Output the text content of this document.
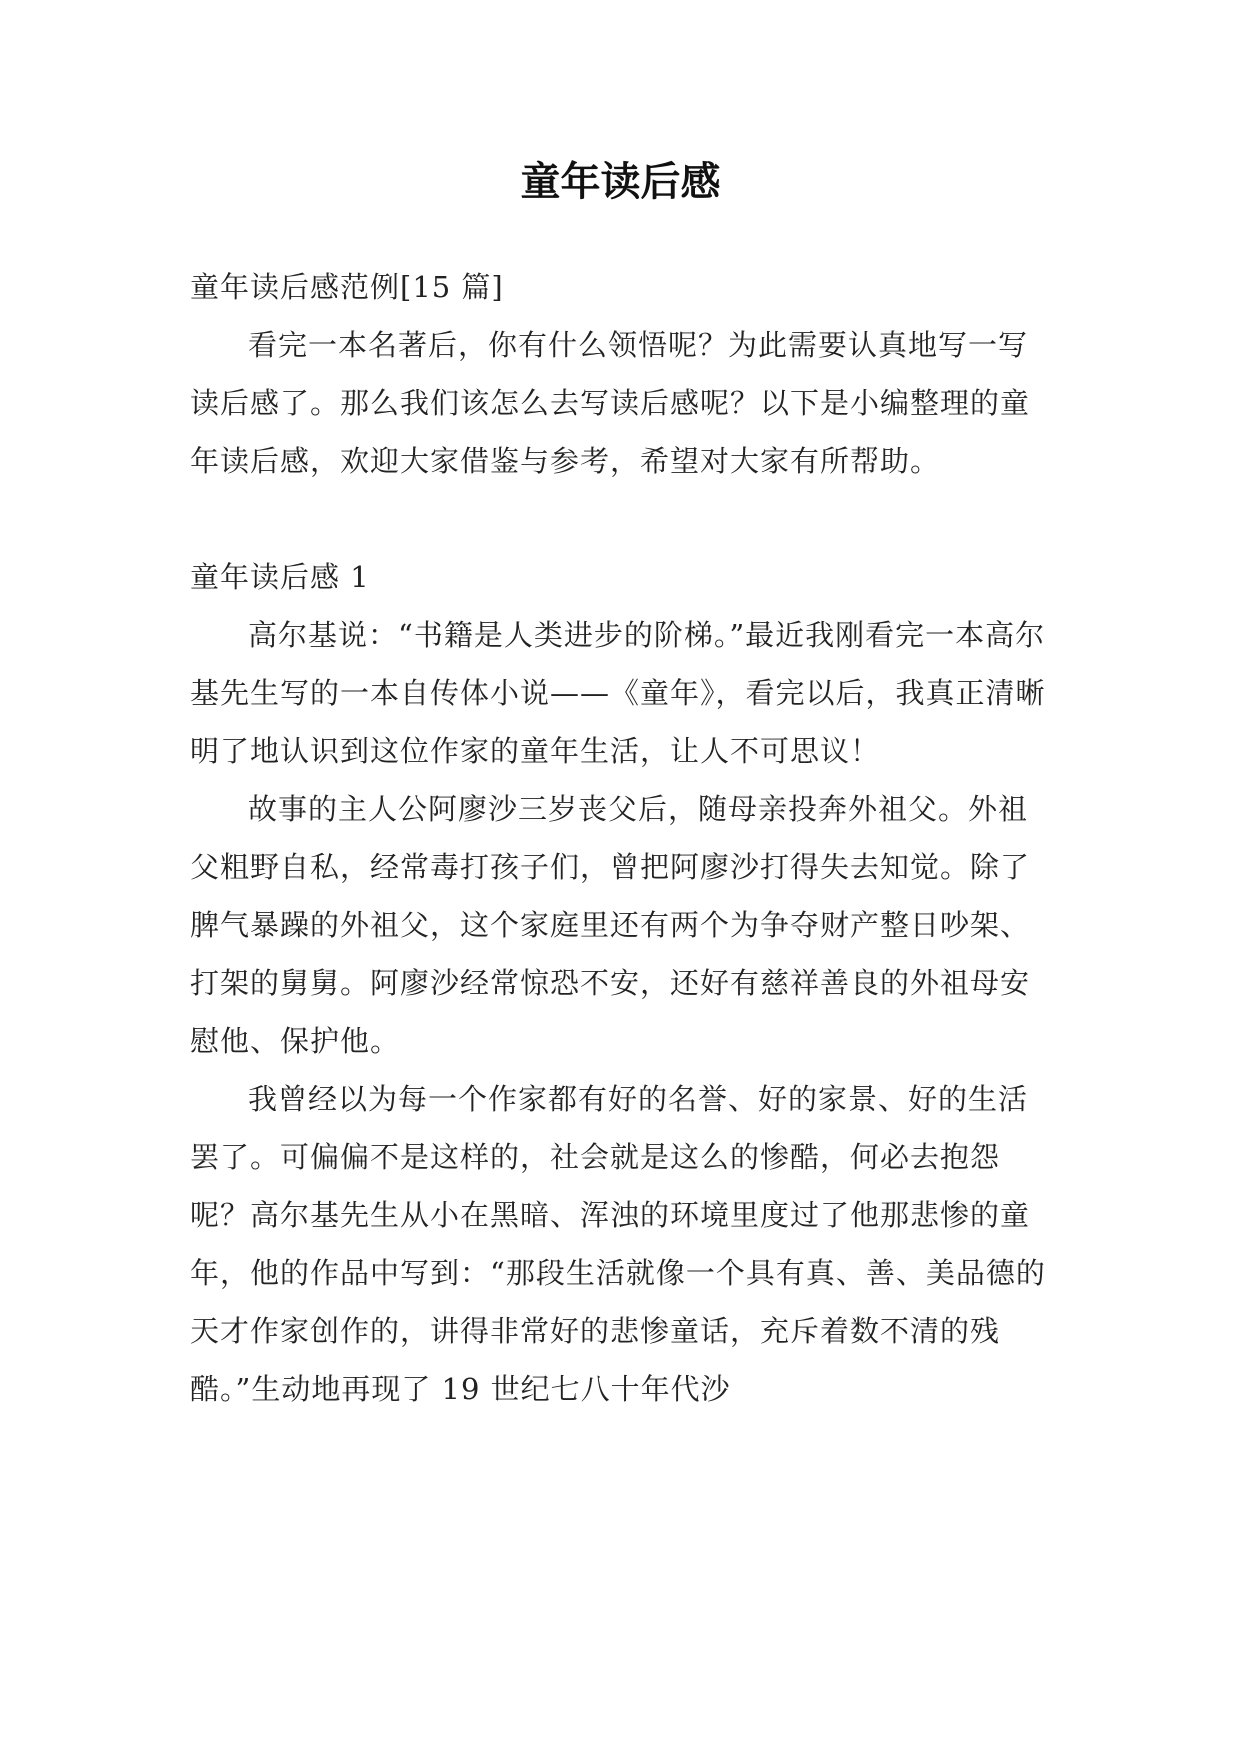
童年读后感

童年读后感范例[15 篇]

看完一本名著后，你有什么领悟呢？为此需要认真地写一写读后感了。那么我们该怎么去写读后感呢？以下是小编整理的童年读后感，欢迎大家借鉴与参考，希望对大家有所帮助。

童年读后感 1

高尔基说：“书籍是人类进步的阶梯。”最近我刚看完一本高尔基先生写的一本自传体小说——《童年》，看完以后，我真正清晰明了地认识到这位作家的童年生活，让人不可思议！

故事的主人公阿廖沙三岁丧父后，随母亲投奔外祖父。外祖父粗野自私，经常毒打孩子们，曾把阿廖沙打得失去知觉。除了脾气暴躁的外祖父，这个家庭里还有两个为争夺财产整日吵架、打架的舅舅。阿廖沙经常惊恐不安，还好有慈祥善良的外祖母安慰他、保护他。

我曾经以为每一个作家都有好的名誉、好的家景、好的生活罢了。可偏偏不是这样的，社会就是这么的惨酷，何必去抱怨呢？高尔基先生从小在黑暗、浑浊的环境里度过了他那悲惨的童年，他的作品中写到：“那段生活就像一个具有真、善、美品德的天才作家创作的，讲得非常好的悲惨童话，充斥着数不清的残酷。”生动地再现了 19 世纪七八十年代沙
